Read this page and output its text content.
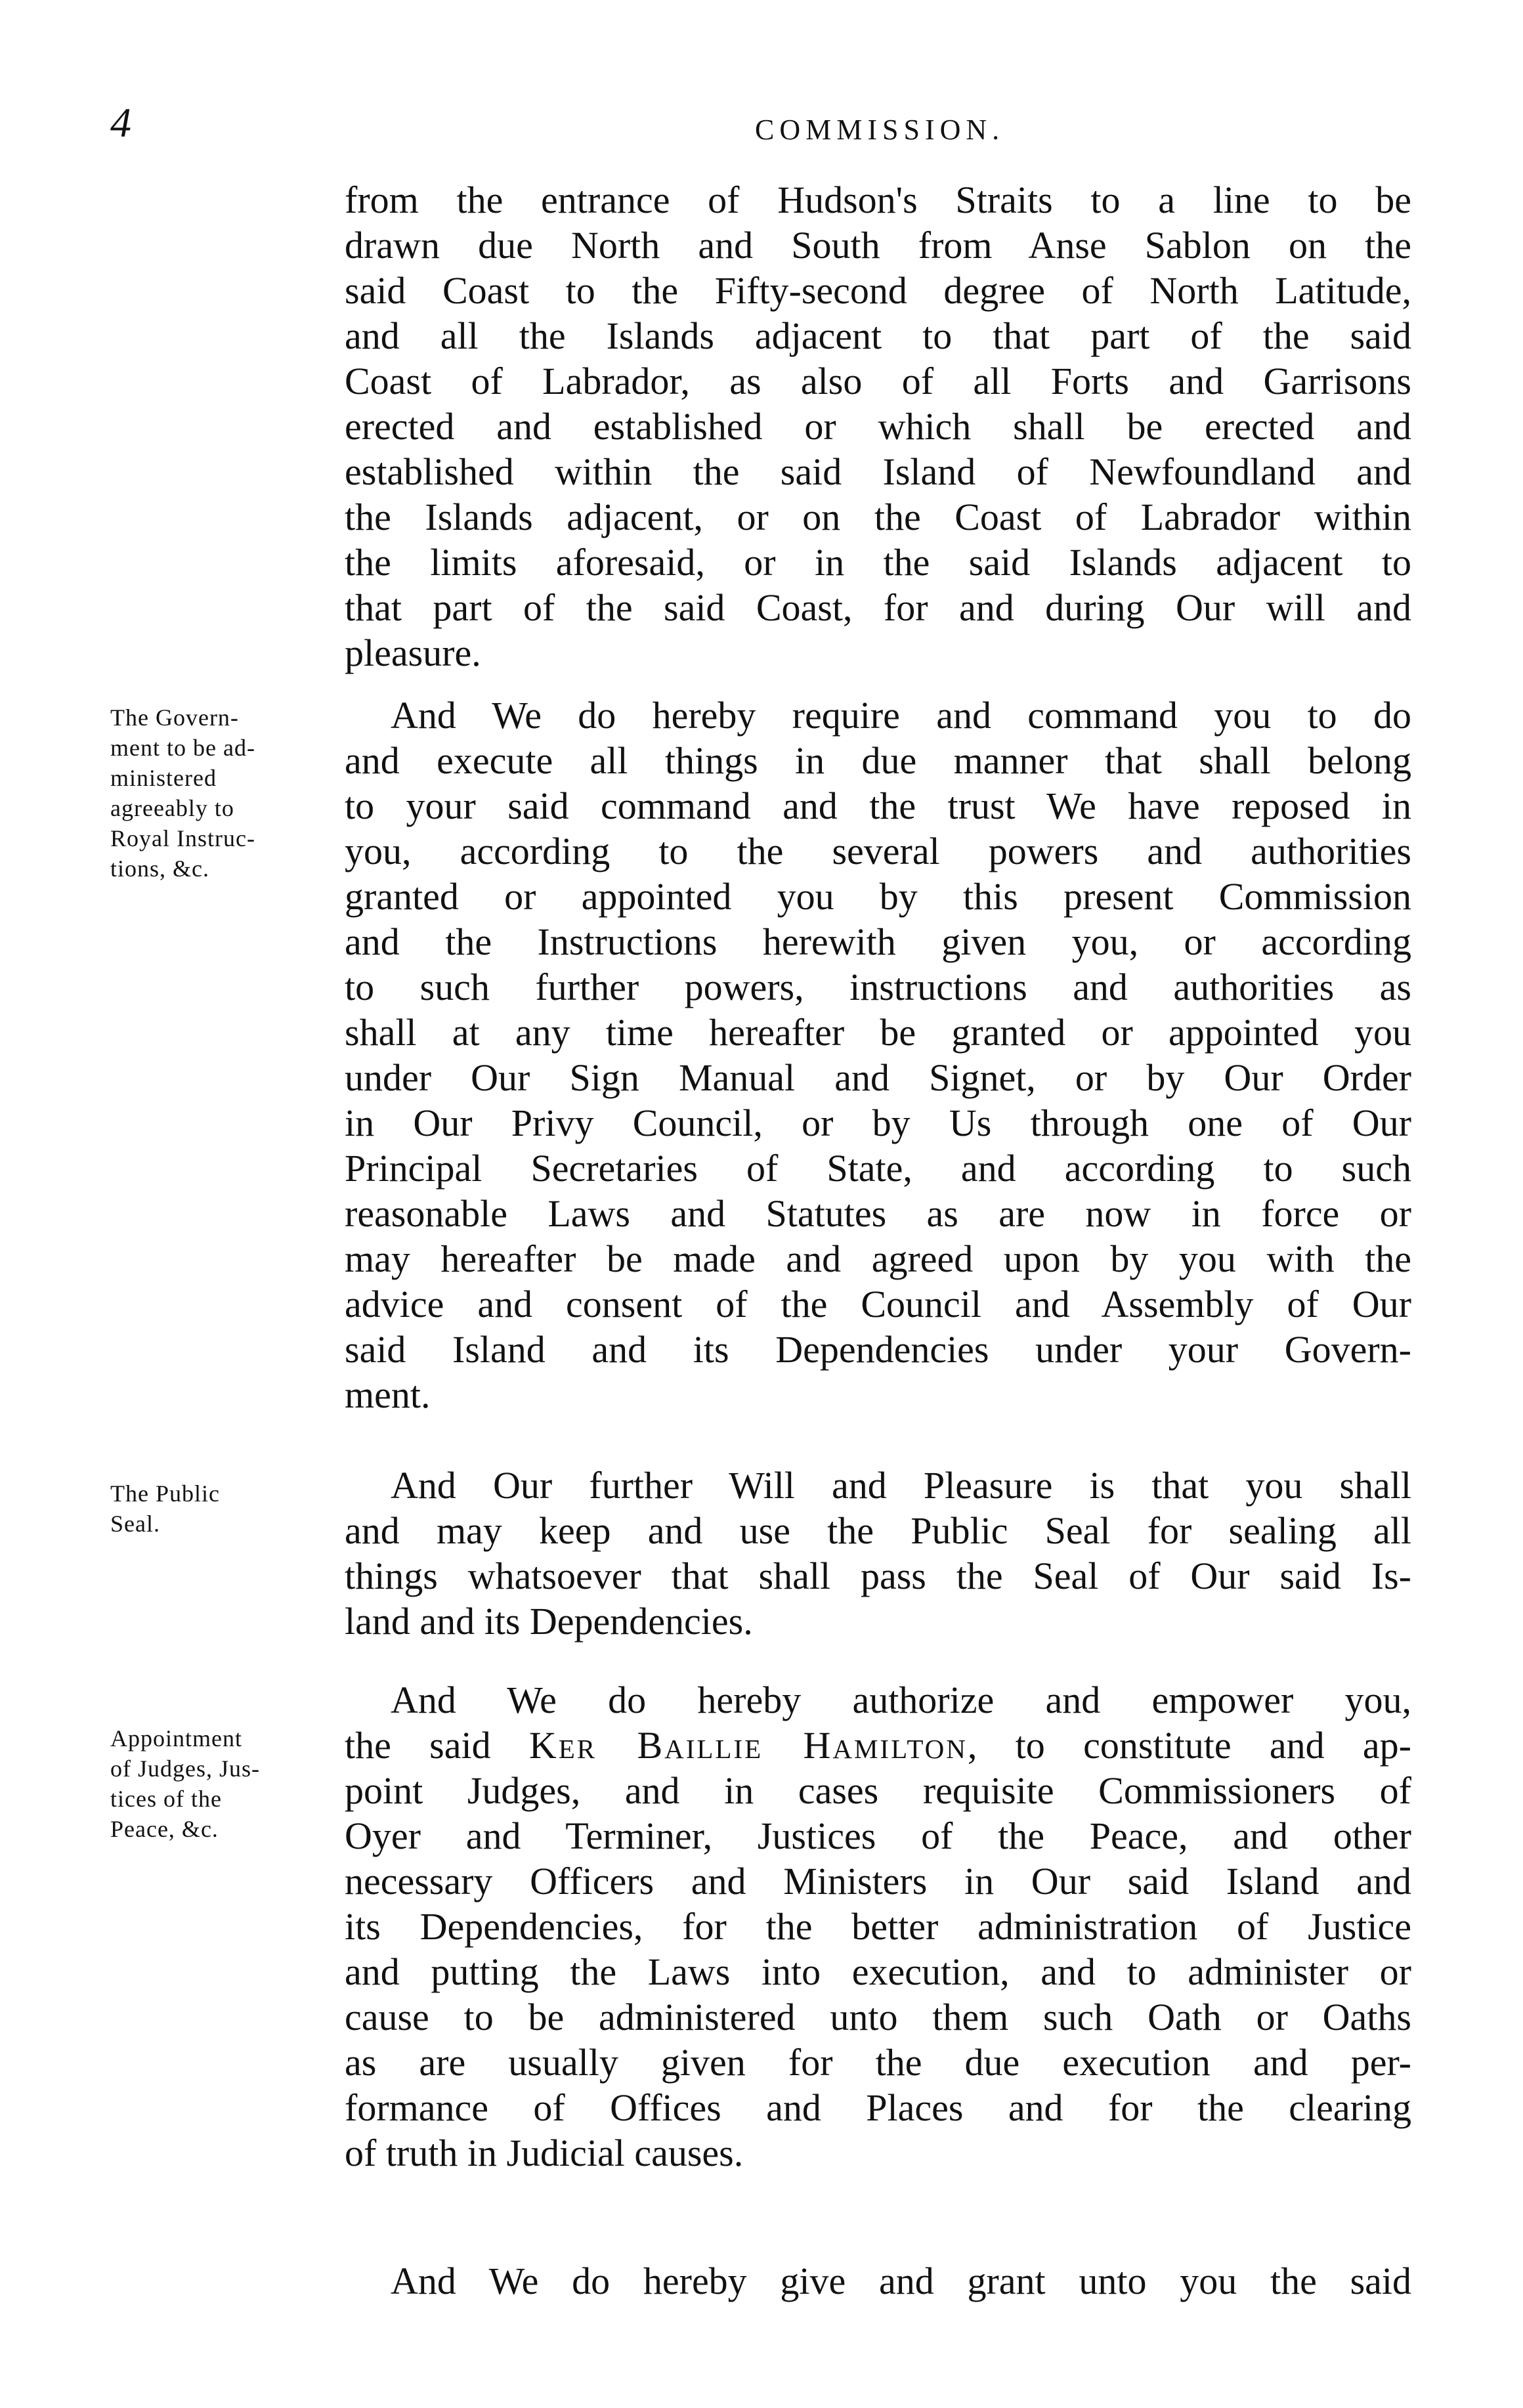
4	COMMISSION.
from the entrance of Hudson's Straits to a line to be
drawn due North and South from Anse Sablon on the
said Coast to the Fifty-second degree of North Latitude,
and all the Islands adjacent to that part of the said
Coast of Labrador, as also of all Forts and Garrisons
erected and established or which shall be erected and
established within the said Island of Newfoundland and
the Islands adjacent, or on the Coast of Labrador within
the limits aforesaid, or in the said Islands adjacent to
that part of the said Coast, for and during Our will and
pleasure.
The Govern-
ment to be ad-
ministered
agreeably to
Royal Instruc-
tions, &c.
And We do hereby require and command you to do
and execute all things in due manner that shall belong
to your said command and the trust We have reposed in
you, according to the several powers and authorities
granted or appointed you by this present Commission
and the Instructions herewith given you, or according
to such further powers, instructions and authorities as
shall at any time hereafter be granted or appointed you
under Our Sign Manual and Signet, or by Our Order
in Our Privy Council, or by Us through one of Our
Principal Secretaries of State, and according to such
reasonable Laws and Statutes as are now in force or
may hereafter be made and agreed upon by you with the
advice and consent of the Council and Assembly of Our
said Island and its Dependencies under your Govern-
ment.
The Public
Seal.
And Our further Will and Pleasure is that you shall
and may keep and use the Public Seal for sealing all
things whatsoever that shall pass the Seal of Our said Is-
land and its Dependencies.
Appointment
of Judges, Jus-
tices of the
Peace, &c.
And We do hereby authorize and empower you,
the said Ker Baillie Hamilton, to constitute and ap-
point Judges, and in cases requisite Commissioners of
Oyer and Terminer, Justices of the Peace, and other
necessary Officers and Ministers in Our said Island and
its Dependencies, for the better administration of Justice
and putting the Laws into execution, and to administer or
cause to be administered unto them such Oath or Oaths
as are usually given for the due execution and per-
formance of Offices and Places and for the clearing
of truth in Judicial causes.
And We do hereby give and grant unto you the said
